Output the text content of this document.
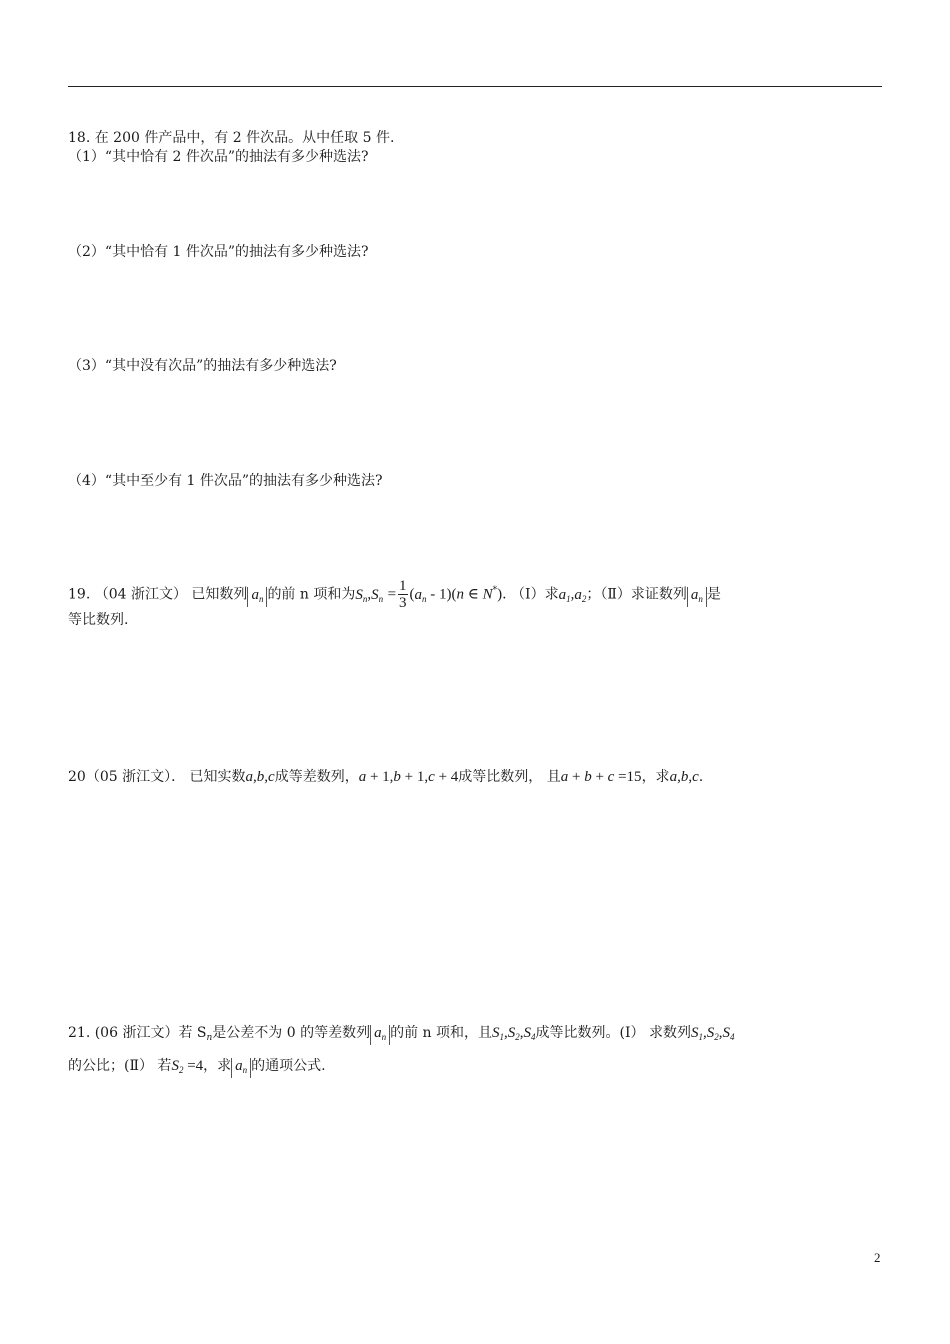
18. 在 200 件产品中，有 2 件次品。从中任取 5 件.
（1）“其中恰有 2 件次品”的抽法有多少种选法?
（2）“其中恰有 1 件次品”的抽法有多少种选法?
（3）“其中没有次品”的抽法有多少种选法?
（4）“其中至少有 1 件次品”的抽法有多少种选法?
19. （04 浙江文） 已知数列 $a_n$ 的前 n 项和为$S_n,S_n = \frac{1}{3} (a_n - 1)(n$ ∈ N*). （Ⅰ）求$a_1,a_2$；（Ⅱ）求证数列 $a_n$ 是
等比数列.
20（05 浙江文）． 已知实数a,b,c成等差数列，a + 1,b + 1,c + 4成等比数列， 且a + b + c =15，求a,b,c.
21. (06 浙江文）若 $S_n$是公差不为 0 的等差数列 $a_n$ 的前 n 项和，且$S_1,S_2,S_4$成等比数列。(Ⅰ） 求数列$S_1,S_2,S_4$
的公比；(Ⅱ） 若$S_2 =4$，求 $a_n$ 的通项公式.
2
